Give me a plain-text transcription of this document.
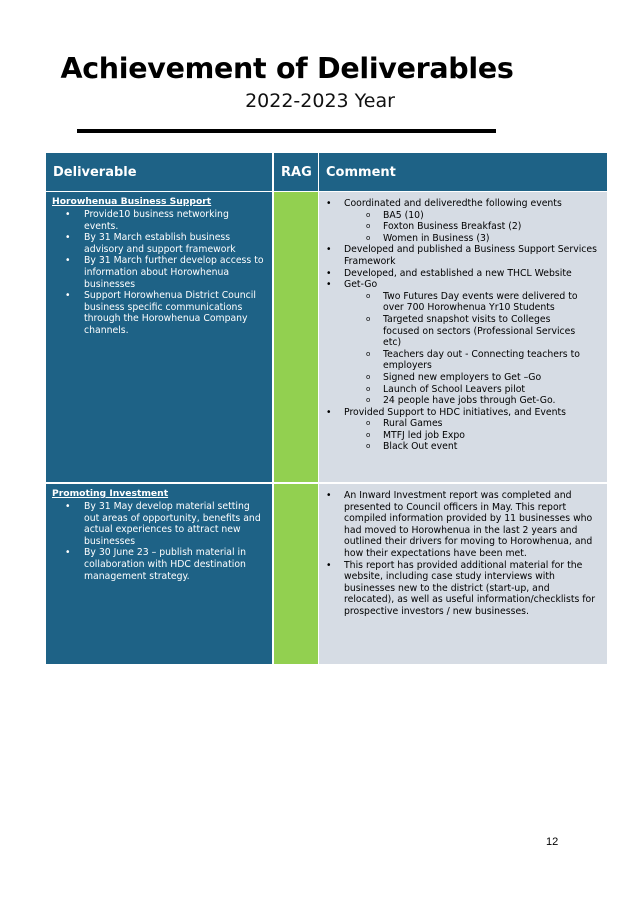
Achievement of Deliverables
2022-2023 Year
Deliverable	RAG Comment
Horowhenua Business Support
• Provide10 business networking events.
• By 31 March establish business advisory and support framework
• By 31 March further develop access to information about Horowhenua businesses
• Support Horowhenua District Council business specific communications through the Horowhenua Company channels.
• Coordinated and deliveredthe following events
o BA5 (10)
o Foxton Business Breakfast (2)
o Women in Business (3)
• Developed and published a Business Support Services Framework
• Developed, and established a new THCL Website
• Get-Go
o Two Futures Day events were delivered to over 700 Horowhenua Yr10 Students
o Targeted snapshot visits to Colleges focused on sectors (Professional Services etc)
o Teachers day out - Connecting teachers to employers
o Signed new employers to Get –Go
o Launch of School Leavers pilot
o 24 people have jobs through Get-Go.
• Provided Support to HDC initiatives, and Events
o Rural Games
o MTFJ led job Expo
o Black Out event
Promoting Investment
• By 31 May develop material setting out areas of opportunity, benefits and actual experiences to attract new businesses
• By 30 June 23 – publish material in collaboration with HDC destination management strategy.
• An Inward Investment report was completed and presented to Council officers in May. This report compiled information provided by 11 businesses who had moved to Horowhenua in the last 2 years and outlined their drivers for moving to Horowhenua, and how their expectations have been met.
• This report has provided additional material for the website, including case study interviews with businesses new to the district (start-up, and relocated), as well as useful information/checklists for prospective investors / new businesses.
12
